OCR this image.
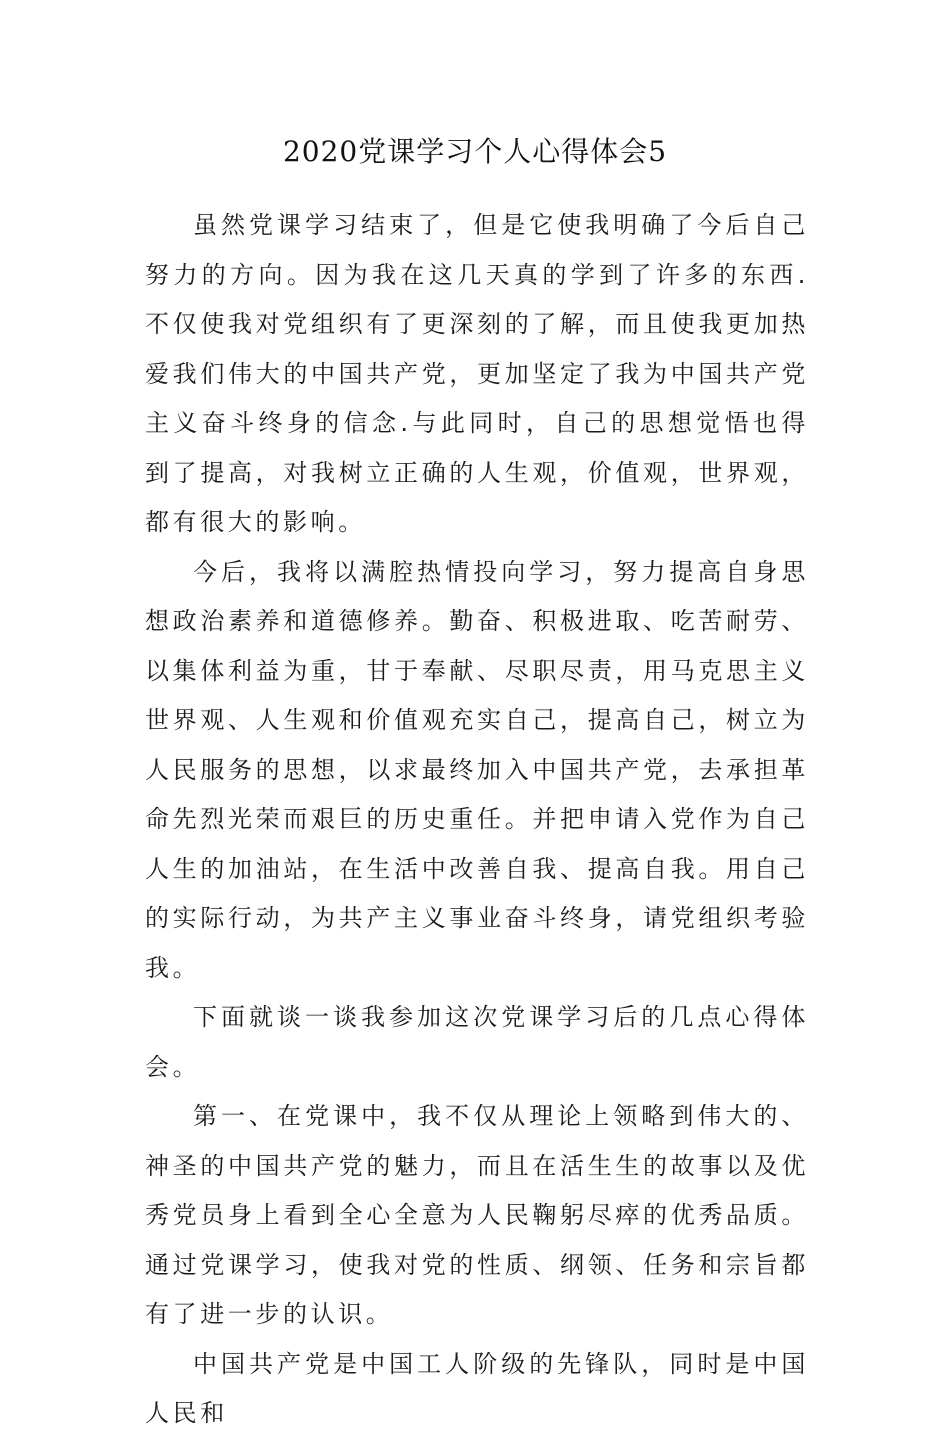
2020党课学习个人心得体会5

虽然党课学习结束了，但是它使我明确了今后自己努力的方向。因为我在这几天真的学到了许多的东西.不仅使我对党组织有了更深刻的了解，而且使我更加热爱我们伟大的中国共产党，更加坚定了我为中国共产党主义奋斗终身的信念.与此同时，自己的思想觉悟也得到了提高，对我树立正确的人生观，价值观，世界观，都有很大的影响。

今后，我将以满腔热情投向学习，努力提高自身思想政治素养和道德修养。勤奋、积极进取、吃苦耐劳、以集体利益为重，甘于奉献、尽职尽责，用马克思主义世界观、人生观和价值观充实自己，提高自己，树立为人民服务的思想，以求最终加入中国共产党，去承担革命先烈光荣而艰巨的历史重任。并把申请入党作为自己人生的加油站，在生活中改善自我、提高自我。用自己的实际行动，为共产主义事业奋斗终身，请党组织考验我。

下面就谈一谈我参加这次党课学习后的几点心得体会。

第一、在党课中，我不仅从理论上领略到伟大的、神圣的中国共产党的魅力，而且在活生生的故事以及优秀党员身上看到全心全意为人民鞠躬尽瘁的优秀品质。通过党课学习，使我对党的性质、纲领、任务和宗旨都有了进一步的认识。

中国共产党是中国工人阶级的先锋队，同时是中国人民和
